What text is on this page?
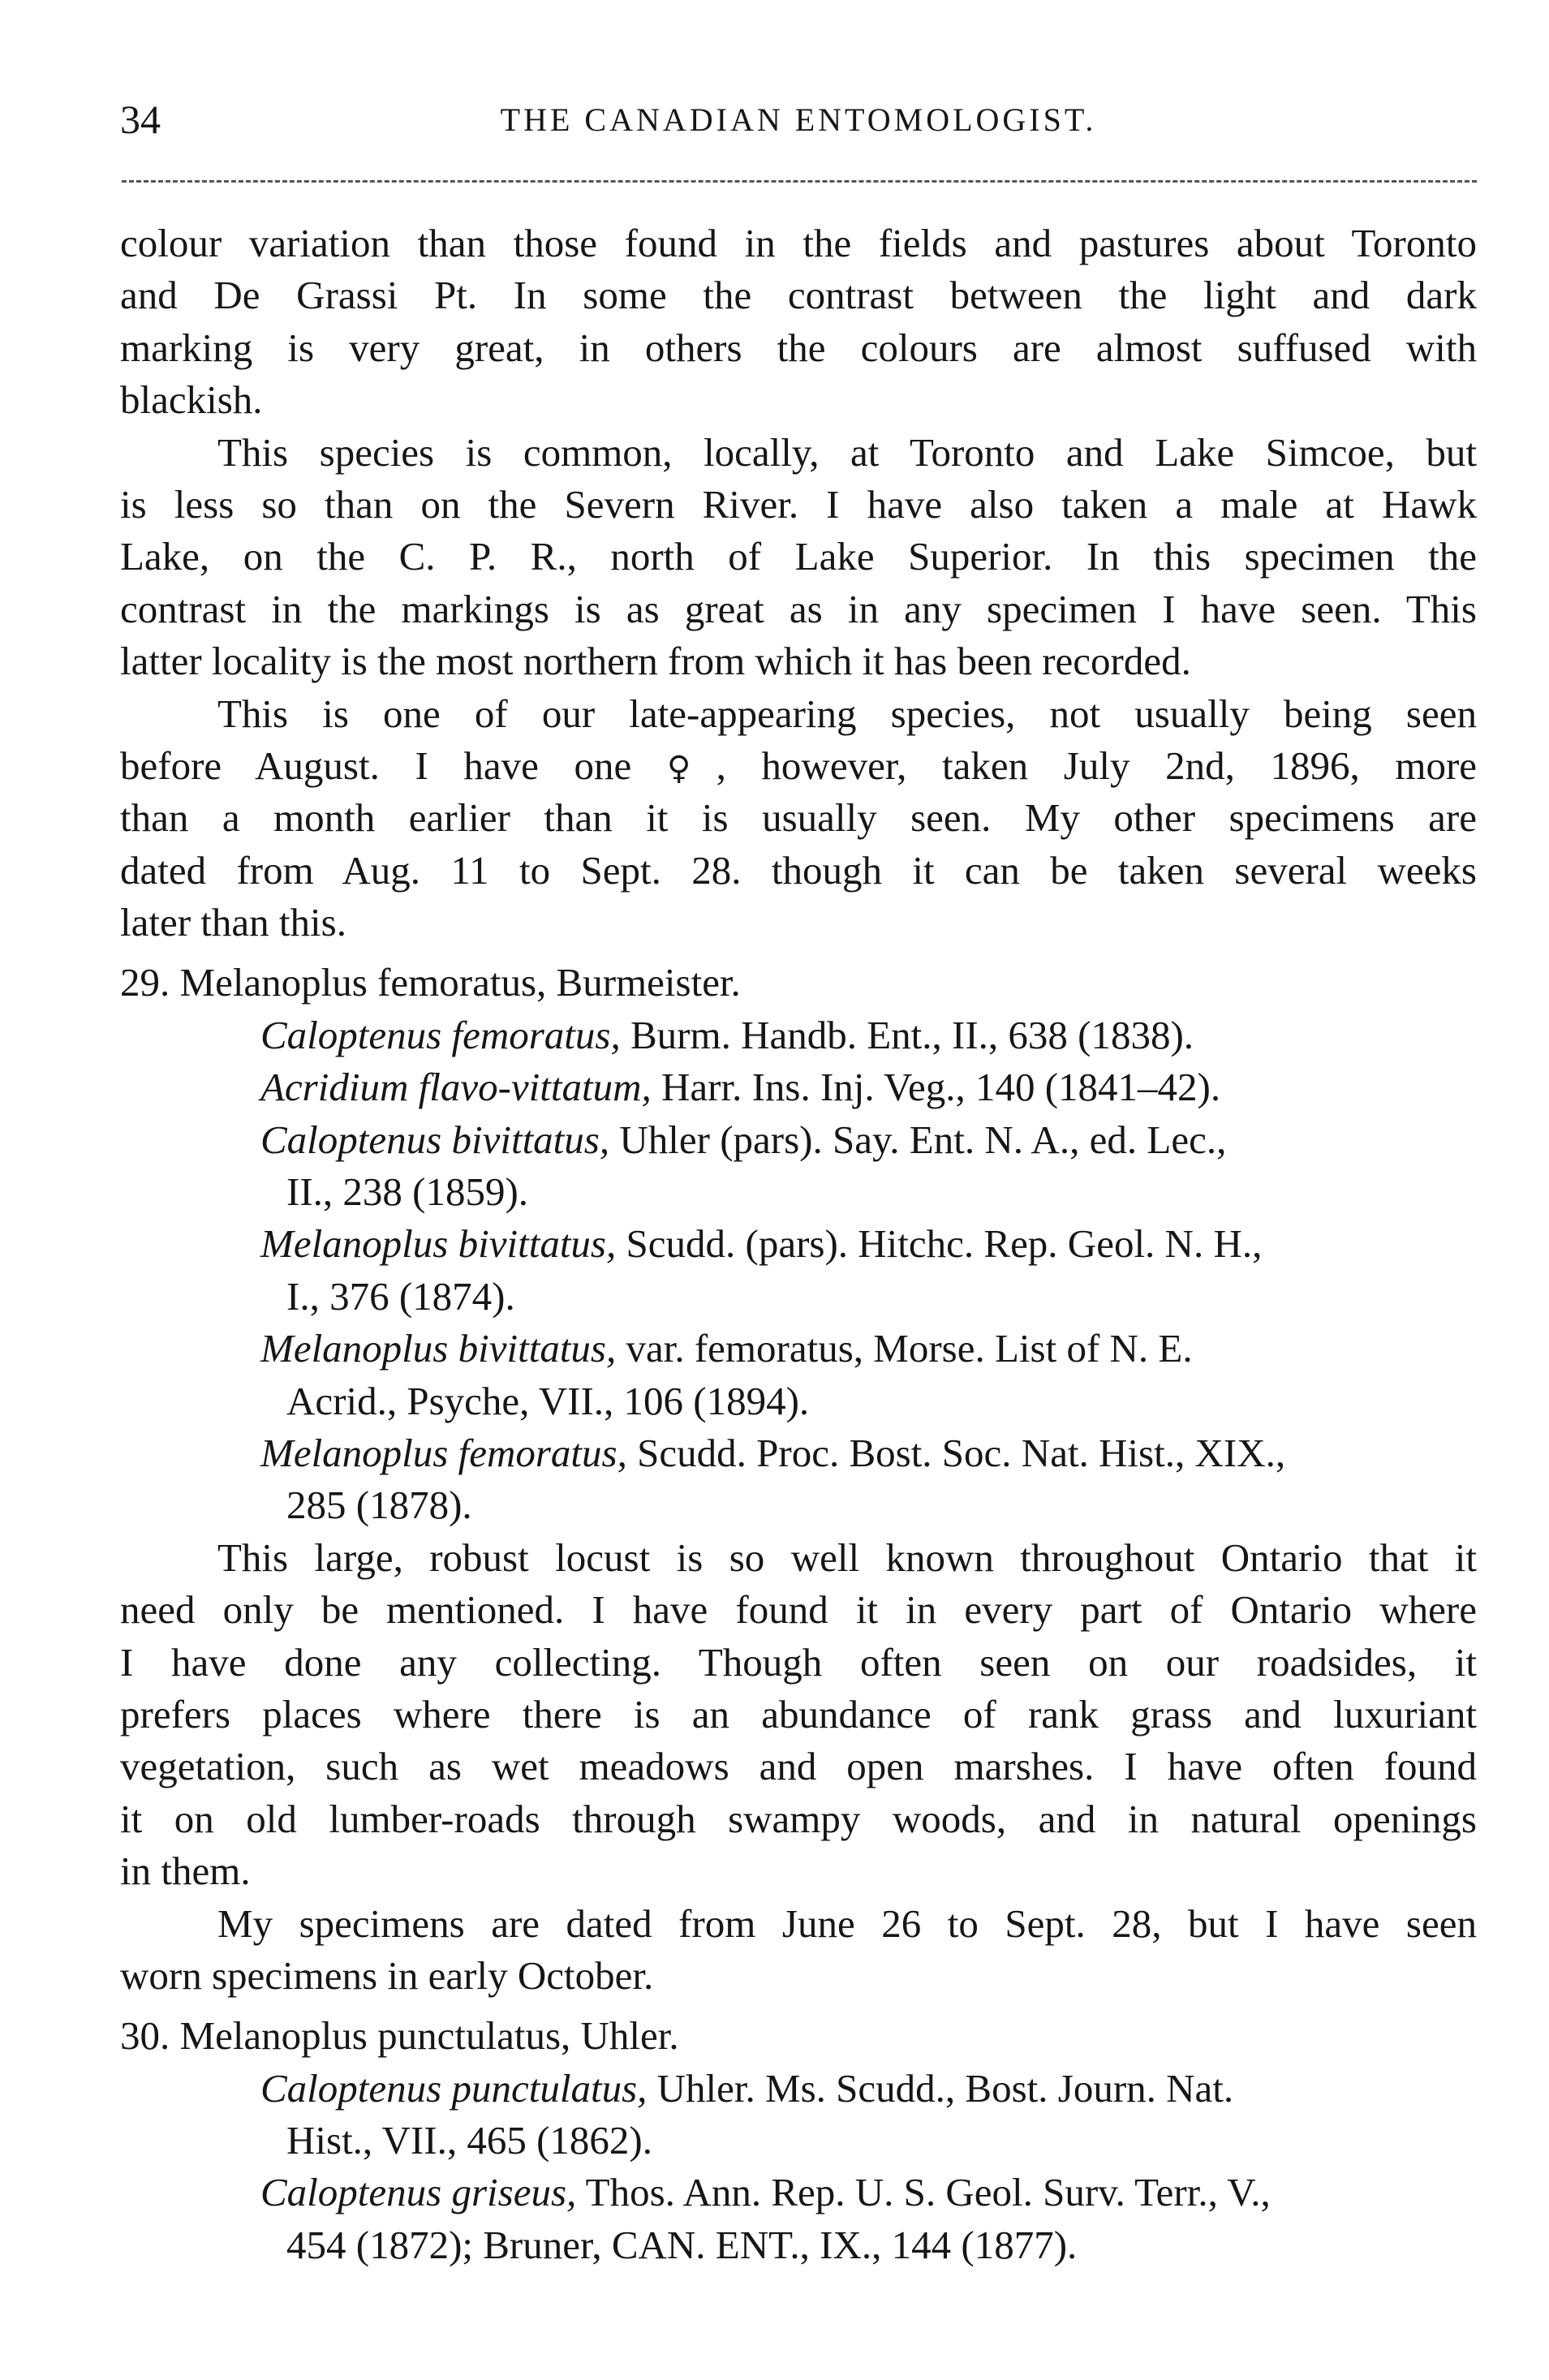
34	THE CANADIAN ENTOMOLOGIST.
colour variation than those found in the fields and pastures about Toronto
and De Grassi Pt. In some the contrast between the light and dark
marking is very great, in others the colours are almost suffused with
blackish.
This species is common, locally, at Toronto and Lake Simcoe, but
is less so than on the Severn River. I have also taken a male at Hawk
Lake, on the C. P. R., north of Lake Superior. In this specimen the
contrast in the markings is as great as in any specimen I have seen. This
latter locality is the most northern from which it has been recorded.
This is one of our late-appearing species, not usually being seen
before August. I have one ♀, however, taken July 2nd, 1896, more
than a month earlier than it is usually seen. My other specimens are
dated from Aug. 11 to Sept. 28. though it can be taken several weeks
later than this.
29. Melanoplus femoratus, Burmeister.
Caloptenus femoratus, Burm. Handb. Ent., II., 638 (1838).
Acridium flavo-vittatum, Harr. Ins. Inj. Veg., 140 (1841–42).
Caloptenus bivittatus, Uhler (pars). Say. Ent. N. A., ed. Lec.,
II., 238 (1859).
Melanoplus bivittatus, Scudd. (pars). Hitchc. Rep. Geol. N. H.,
I., 376 (1874).
Melanoplus bivittatus, var. femoratus, Morse. List of N. E.
Acrid., Psyche, VII., 106 (1894).
Melanoplus femoratus, Scudd. Proc. Bost. Soc. Nat. Hist., XIX.,
285 (1878).
This large, robust locust is so well known throughout Ontario that it
need only be mentioned. I have found it in every part of Ontario where
I have done any collecting. Though often seen on our roadsides, it
prefers places where there is an abundance of rank grass and luxuriant
vegetation, such as wet meadows and open marshes. I have often found
it on old lumber-roads through swampy woods, and in natural openings
in them.
My specimens are dated from June 26 to Sept. 28, but I have seen
worn specimens in early October.
30. Melanoplus punctulatus, Uhler.
Caloptenus punctulatus, Uhler. Ms. Scudd., Bost. Journ. Nat.
Hist., VII., 465 (1862).
Caloptenus griseus, Thos. Ann. Rep. U. S. Geol. Surv. Terr., V.,
454 (1872); Bruner, CAN. ENT., IX., 144 (1877).
